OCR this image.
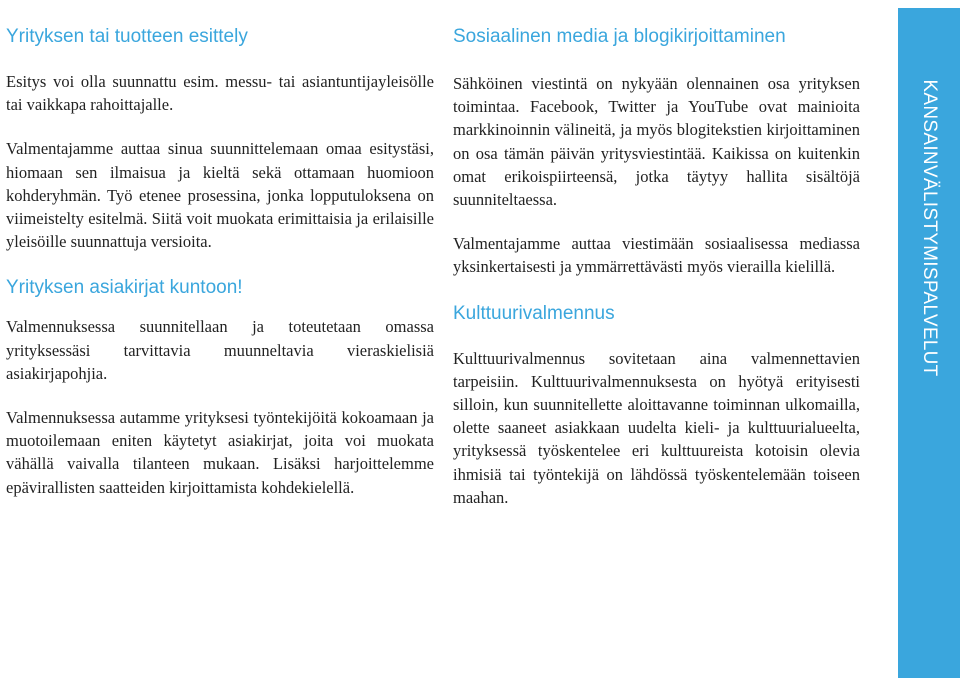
Yrityksen tai tuotteen esittely

Esitys voi olla suunnattu esim. messu- tai asiantuntijayleisölle tai vaikkapa rahoittajalle.

Valmentajamme auttaa sinua suunnittelemaan omaa esitystäsi, hiomaan sen ilmaisua ja kieltä sekä ottamaan huomioon kohderyhmän. Työ etenee prosessina, jonka lopputuloksena on viimeistelty esitelmä. Siitä voit muokata erimittaisia ja erilaisille yleisöille suunnattuja versioita.

Yrityksen asiakirjat kuntoon!

Valmennuksessa suunnitellaan ja toteutetaan omassa yrityksessäsi tarvittavia muunneltavia vieraskielisiä asiakirjapohjia.

Valmennuksessa autamme yrityksesi työntekijöitä kokoamaan ja muotoilemaan eniten käytetyt asiakirjat, joita voi muokata vähällä vaivalla tilanteen mukaan. Lisäksi harjoittelemme epävirallisten saatteiden kirjoittamista kohdekielellä.

Sosiaalinen media ja blogikirjoittaminen

Sähköinen viestintä on nykyään olennainen osa yrityksen toimintaa. Facebook, Twitter ja YouTube ovat mainioita markkinoinnin välineitä, ja myös blogitekstien kirjoittaminen on osa tämän päivän yritysviestintää. Kaikissa on kuitenkin omat erikoispiirteensä, jotka täytyy hallita sisältöjä suunniteltaessa.

Valmentajamme auttaa viestimään sosiaalisessa mediassa yksinkertaisesti ja ymmärrettävästi myös vierailla kielillä.

Kulttuurivalmennus

Kulttuurivalmennus sovitetaan aina valmennettavien tarpeisiin. Kulttuurivalmennuksesta on hyötyä erityisesti silloin, kun suunnitellette aloittavanne toiminnan ulkomailla, olette saaneet asiakkaan uudelta kieli- ja kulttuurialueelta, yrityksessä työskentelee eri kulttuureista kotoisin olevia ihmisiä tai työntekijä on lähdössä työskentelemään toiseen maahan.

KANSAINVÄLISTYMISPALVELUT
